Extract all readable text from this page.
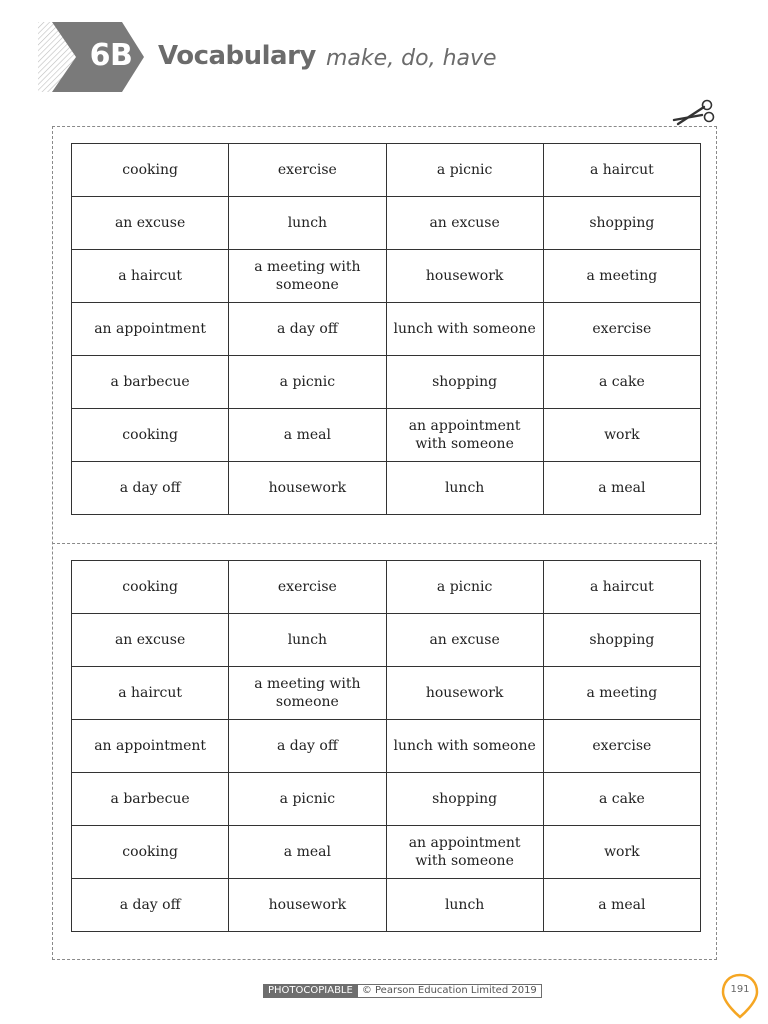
6B Vocabulary make, do, have
cooking	exercise	a picnic	a haircut
an excuse	lunch	an excuse	shopping
a haircut	a meeting with someone	housework	a meeting
an appointment	a day off	lunch with someone	exercise
a barbecue	a picnic	shopping	a cake
cooking	a meal	an appointment with someone	work
a day off	housework	lunch	a meal
cooking	exercise	a picnic	a haircut
an excuse	lunch	an excuse	shopping
a haircut	a meeting with someone	housework	a meeting
an appointment	a day off	lunch with someone	exercise
a barbecue	a picnic	shopping	a cake
cooking	a meal	an appointment with someone	work
a day off	housework	lunch	a meal
PHOTOCOPIABLE © Pearson Education Limited 2019	191
